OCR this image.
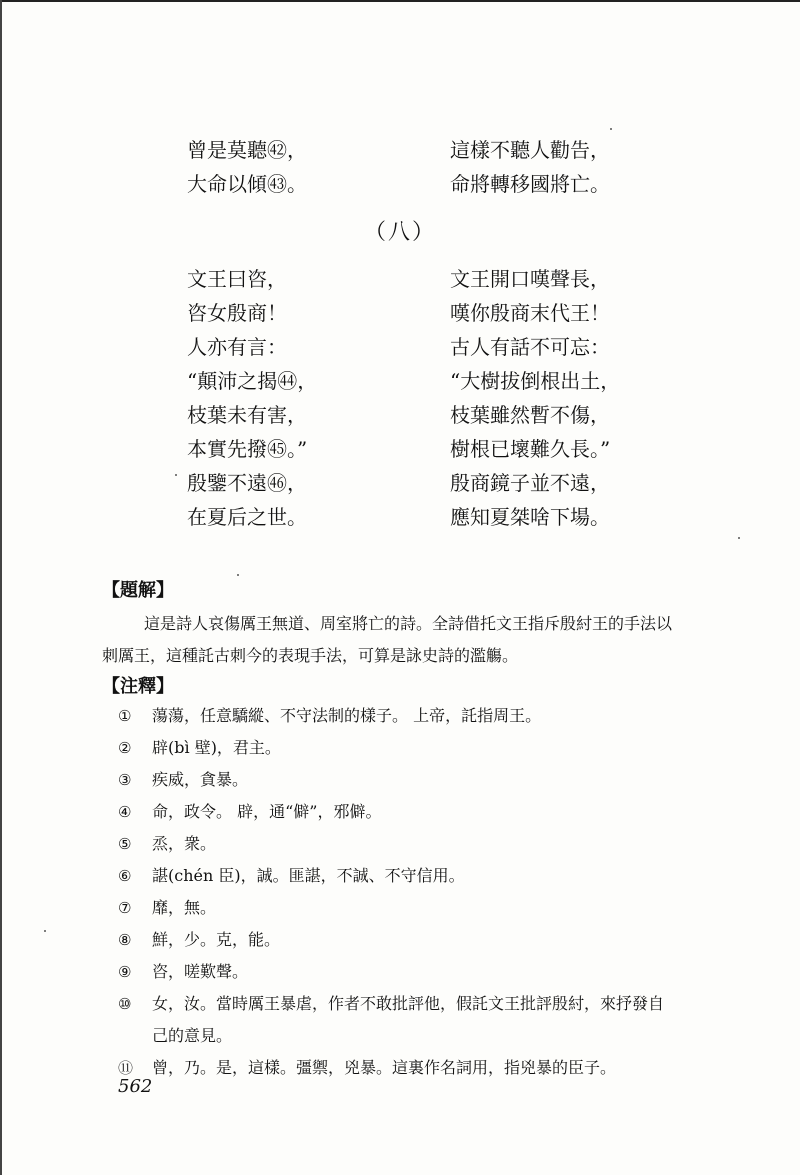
曾是莫聽㊷，	這樣不聽人勸告，
大命以傾㊸。	命將轉移國將亡。
（八）
文王曰咨，	文王開口嘆聲長，
咨女殷商！	嘆你殷商末代王！
人亦有言：	古人有話不可忘：
“顛沛之揭㊹，	“大樹拔倒根出土，
枝葉未有害，	枝葉雖然暫不傷，
本實先撥㊺。”	樹根已壞難久長。”
殷鑒不遠㊻，	殷商鏡子並不遠，
在夏后之世。	應知夏桀啥下場。
【題解】
這是詩人哀傷厲王無道、周室將亡的詩。全詩借托文王指斥殷紂王的手法以刺厲王，這種託古刺今的表現手法，可算是詠史詩的濫觴。
【注釋】
①	蕩蕩，任意驕縱、不守法制的樣子。 上帝，託指周王。
②	辟(bì 壁)，君主。
③	疾威，貪暴。
④	命，政令。 辟，通“僻”，邪僻。
⑤	烝，衆。
⑥	諶(chén 臣)，誠。匪諶，不誠、不守信用。
⑦	靡，無。
⑧	鮮，少。克，能。
⑨	咨，嗟歎聲。
⑩	女，汝。當時厲王暴虐，作者不敢批評他，假託文王批評殷紂，來抒發自己的意見。
⑪	曾，乃。是，這樣。彊禦，兇暴。這裏作名詞用，指兇暴的臣子。
562
